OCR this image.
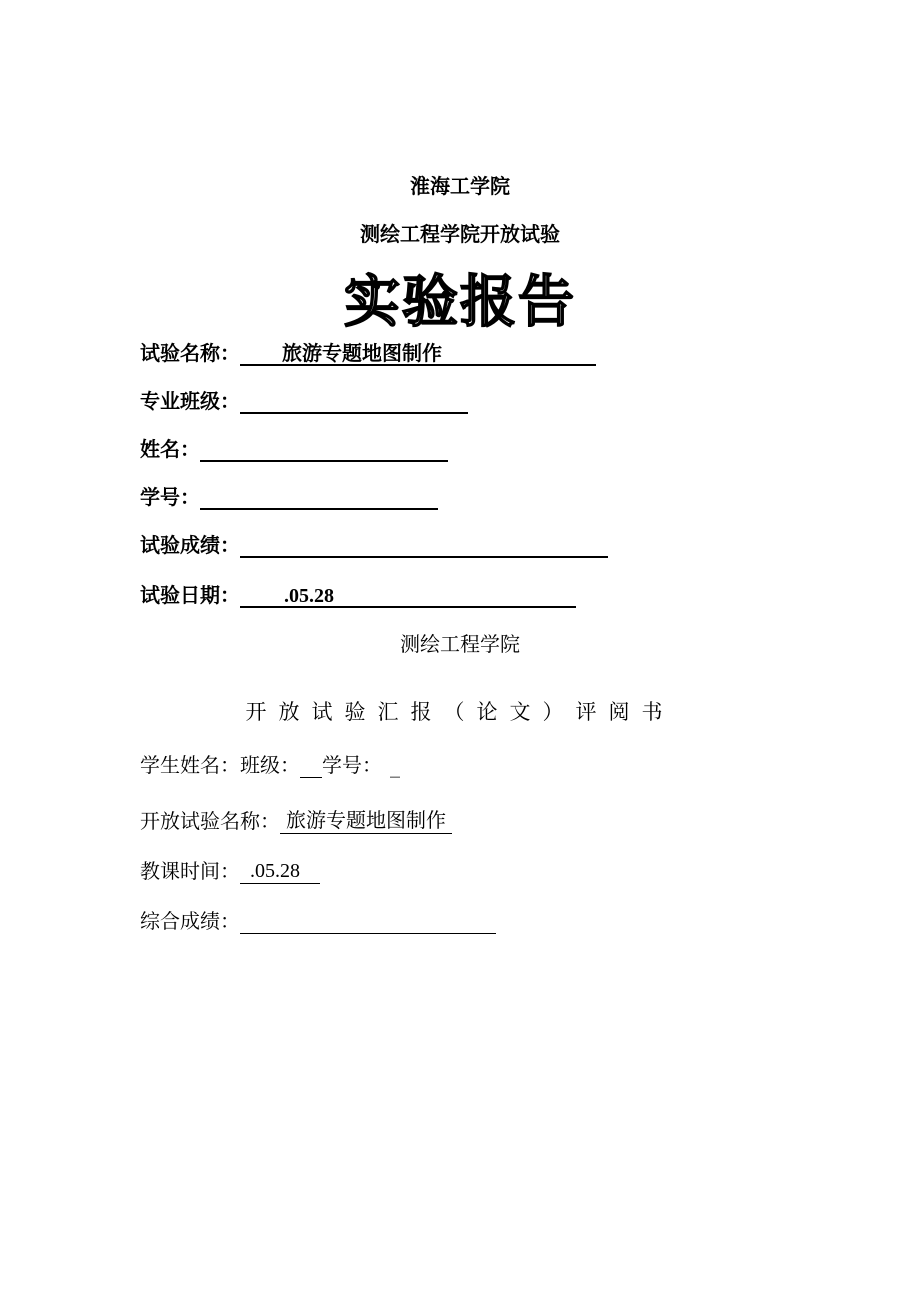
淮海工学院
测绘工程学院开放试验
实验报告
试验名称：	旅游专题地图制作
专业班级：
姓名：
学号：
试验成绩：
试验日期：	.05.28
测绘工程学院
开放试验汇报（论文）评阅书
学生姓名： 班级： 学号： _
开放试验名称： 旅游专题地图制作
教课时间： .05.28
综合成绩：
